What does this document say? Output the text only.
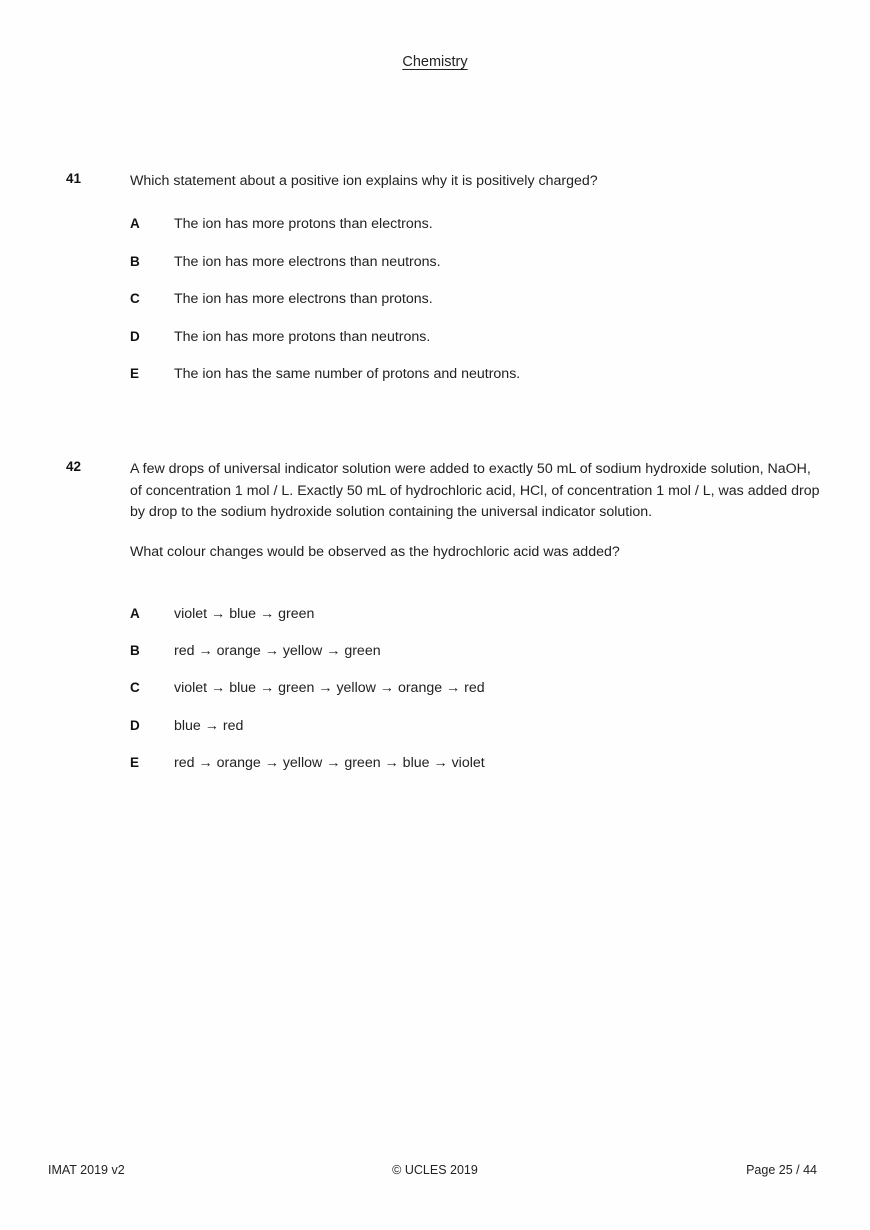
Chemistry
41	Which statement about a positive ion explains why it is positively charged?

A The ion has more protons than electrons.
B The ion has more electrons than neutrons.
C The ion has more electrons than protons.
D The ion has more protons than neutrons.
E The ion has the same number of protons and neutrons.
42	A few drops of universal indicator solution were added to exactly 50 mL of sodium hydroxide solution, NaOH, of concentration 1 mol / L. Exactly 50 mL of hydrochloric acid, HCl, of concentration 1 mol / L, was added drop by drop to the sodium hydroxide solution containing the universal indicator solution.

What colour changes would be observed as the hydrochloric acid was added?

A violet → blue → green
B red → orange → yellow → green
C violet → blue → green → yellow → orange → red
D blue → red
E red → orange → yellow → green → blue → violet
IMAT 2019 v2	© UCLES 2019	Page 25 / 44
